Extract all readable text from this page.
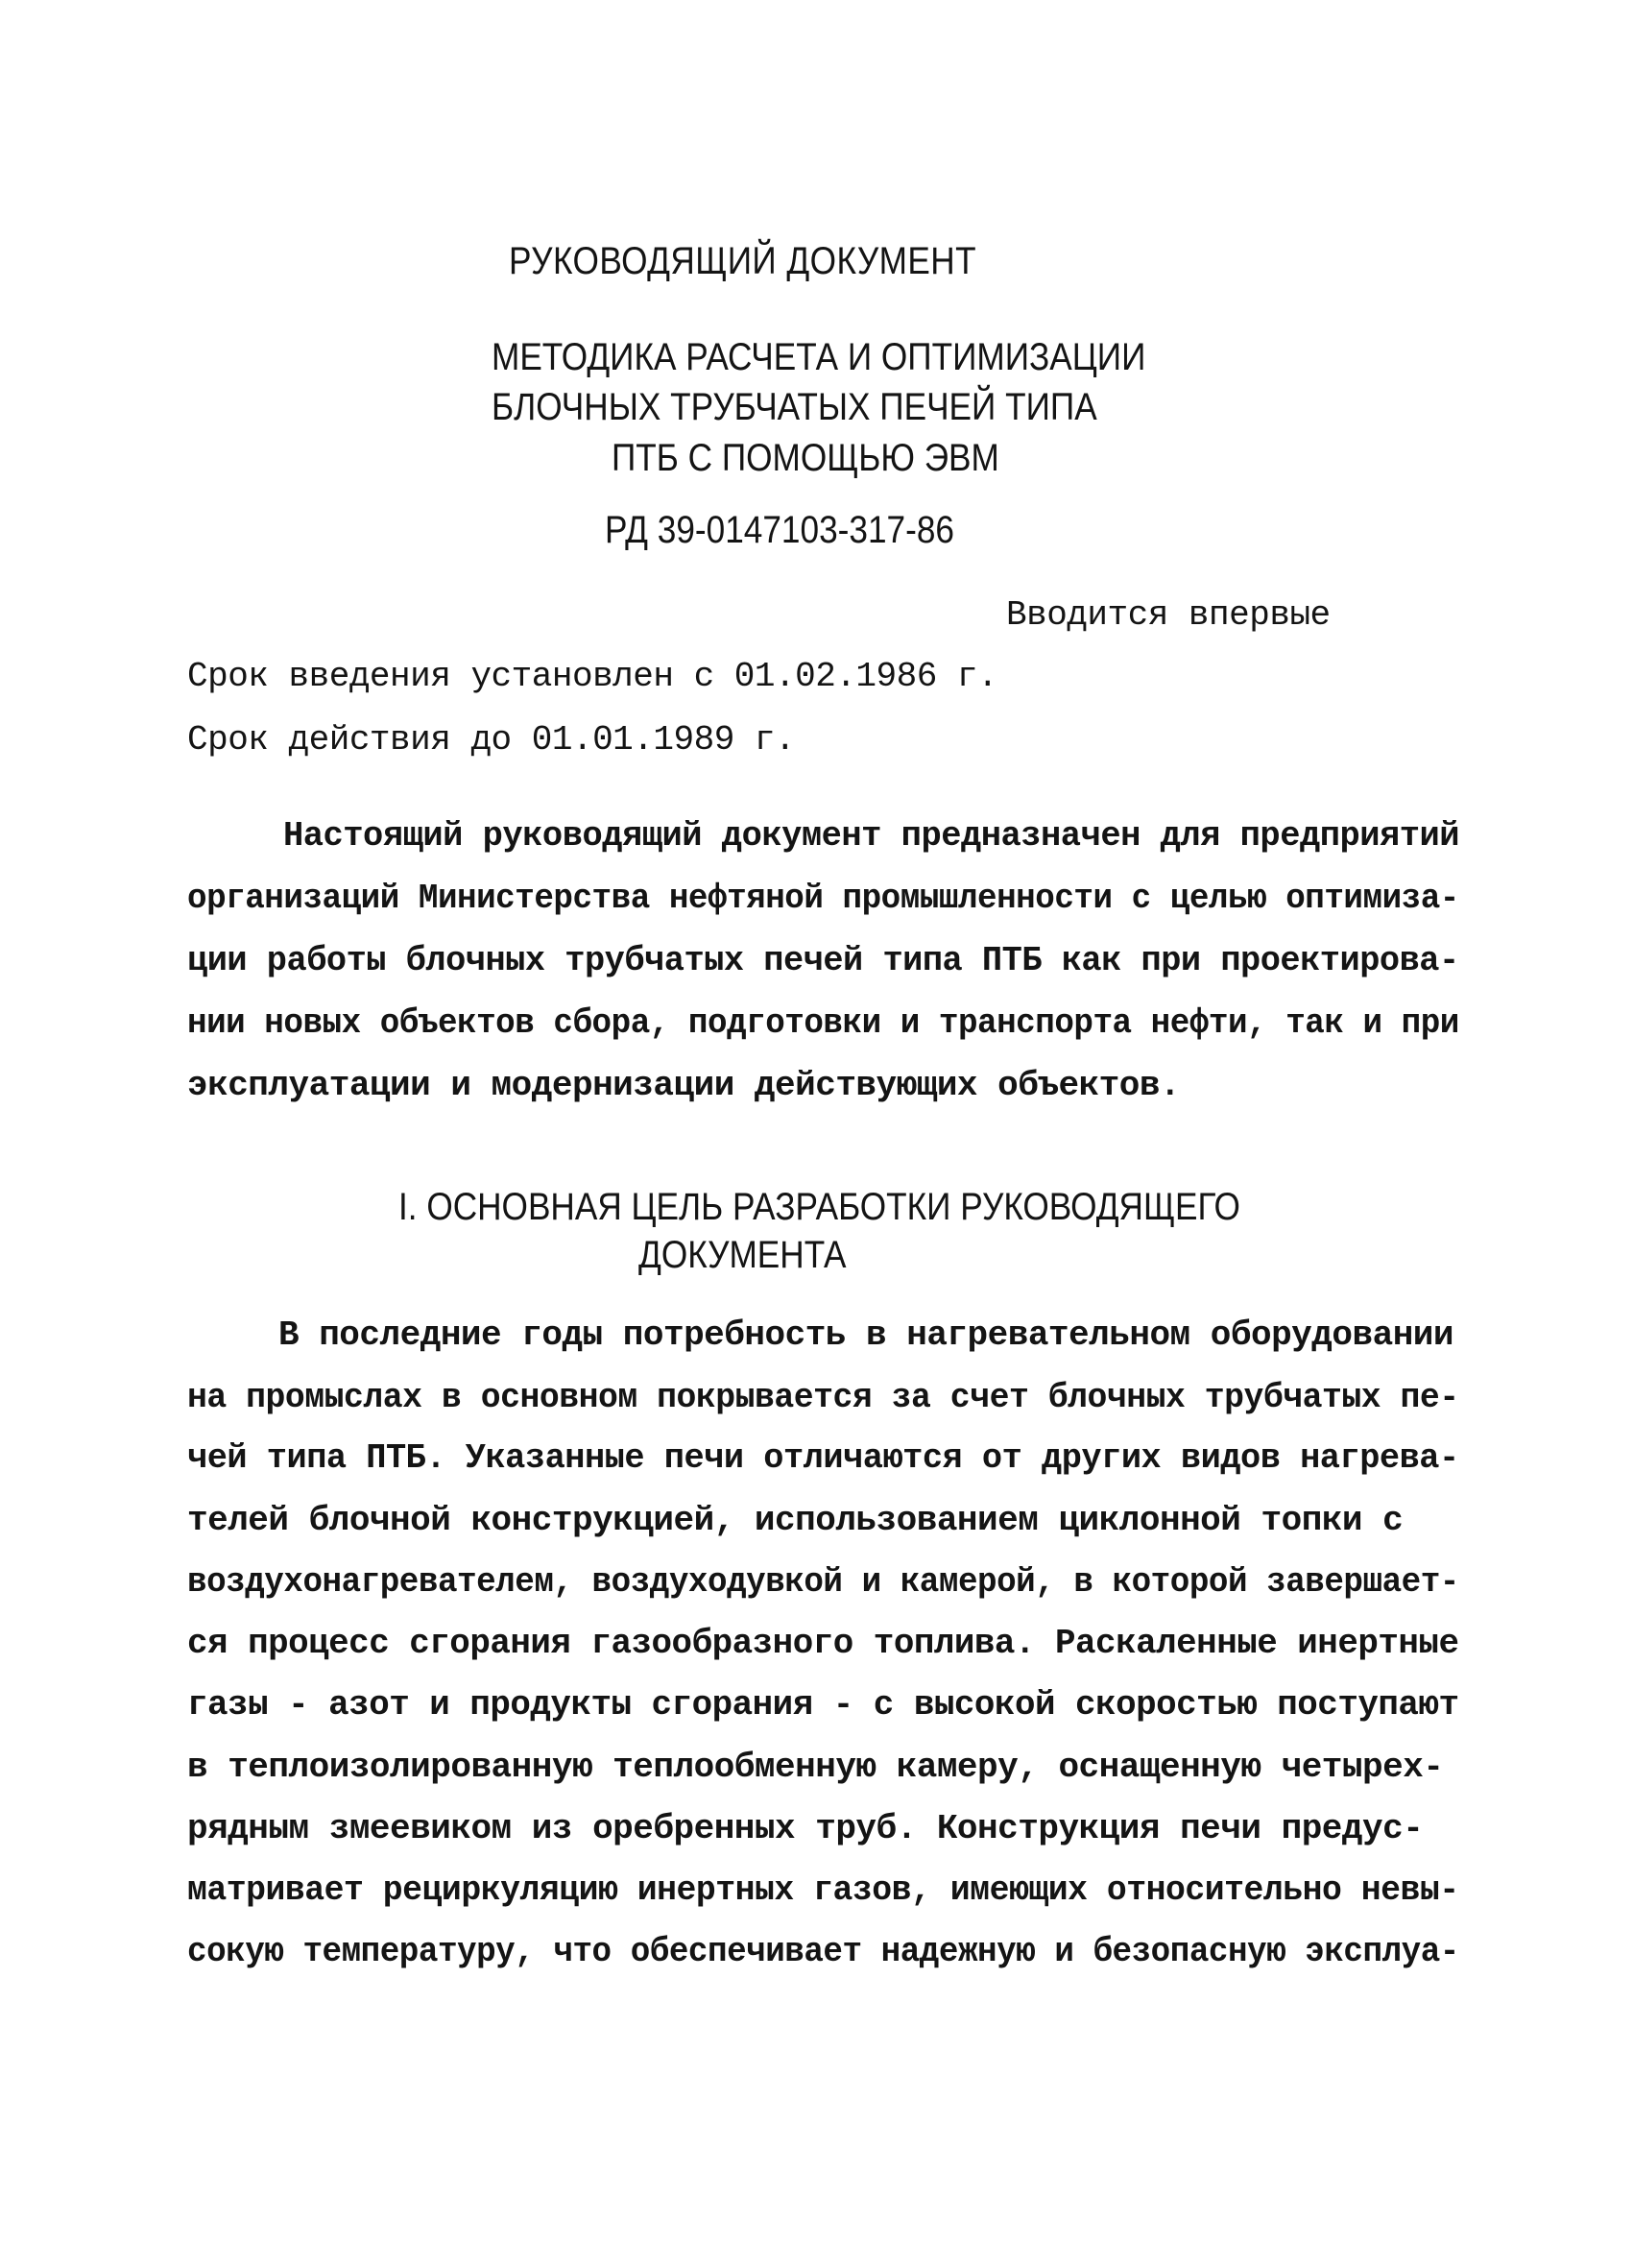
РУКОВОДЯЩИЙ ДОКУМЕНТ
МЕТОДИКА РАСЧЕТА И ОПТИМИЗАЦИИ
БЛОЧНЫХ ТРУБЧАТЫХ ПЕЧЕЙ ТИПА
ПТБ С ПОМОЩЬЮ ЭВМ
РД 39-0147103-317-86
Вводится впервые
Срок введения установлен с 01.02.1986 г.
Срок действия до 01.01.1989 г.
Настоящий руководящий документ предназначен для предприятий
организаций Министерства нефтяной промышленности с целью оптимиза-
ции работы блочных трубчатых печей типа ПТБ как при проектирова-
нии новых объектов сбора, подготовки и транспорта нефти, так и при
эксплуатации и модернизации действующих объектов.
I. ОСНОВНАЯ ЦЕЛЬ РАЗРАБОТКИ РУКОВОДЯЩЕГО
ДОКУМЕНТА
В последние годы потребность в нагревательном оборудовании
на промыслах в основном покрывается за счет блочных трубчатых пе-
чей типа ПТБ. Указанные печи отличаются от других видов нагрева-
телей блочной конструкцией, использованием циклонной топки с
воздухонагревателем, воздуходувкой и камерой, в которой завершает-
ся процесс сгорания газообразного топлива. Раскаленные инертные
газы - азот и продукты сгорания - с высокой скоростью поступают
в теплоизолированную теплообменную камеру, оснащенную четырех-
рядным змеевиком из оребренных труб. Конструкция печи предус-
матривает рециркуляцию инертных газов, имеющих относительно невы-
сокую температуру, что обеспечивает надежную и безопасную эксплуа-
